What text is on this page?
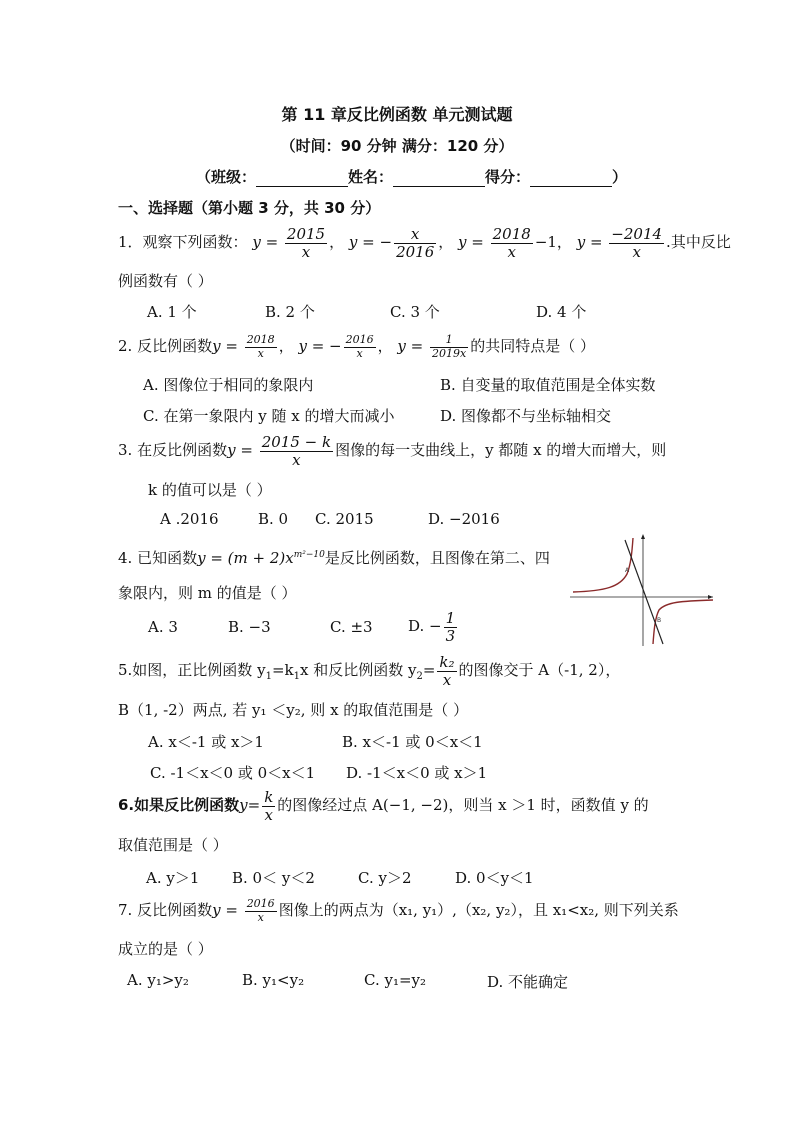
第 11 章反比例函数 单元测试题
（时间：90 分钟 满分：120 分）
（班级：	姓名：	得分：	）
一、选择题（第小题 3 分，共 30 分）
1．观察下列函数： $y = \frac{2015}{x}$ ， y = − $\frac{x}{2016}$ ， $y = \frac{2018}{x} -1$， $y = \frac{-2014}{x}$ .其中反比
例函数有（ ）
A. 1 个	B. 2 个	C. 3 个	D. 4 个
2. 反比例函数$y = \frac{2018}{x}$ ， y = − $\frac{2016}{x}$ ， $y = \frac{1}{2019x}$ 的共同特点是（ ）
A. 图像位于相同的象限内	B. 自变量的取值范围是全体实数
C. 在第一象限内 y 随 x 的增大而减小	D. 图像都不与坐标轴相交
3. 在反比例函数$y = \frac{2015 - k}{x}$ 图像的每一支曲线上，y 都随 x 的增大而增大，则
k 的值可以是（ ）
A .2016	B. 0 C. 2015	D. −2016
4. 已知函数$y = (m + 2)x^{m^2-10}$是反比例函数，且图像在第二、四
象限内，则 m 的值是（ ）
A. 3	B. −3	C. ±3 D. − $\frac{1}{3}$
A
B
5.如图，正比例函数 $y_1=k_1x$ 和反比例函数 $y_2= \frac{\text{k₂}}{x}$ 的图像交于 A（-1, 2），
B（1, -2）两点, 若 y₁ ＜y₂, 则 x 的取值范围是（ ）
A. x＜-1 或 x＞1	B. x＜-1 或 0＜x＜1
C. -1＜x＜0 或 0＜x＜1 D. -1＜x＜0 或 x＞1
6.如果反比例函数$y= \frac{k}{x}$ 的图像经过点 A(−1, −2)，则当 x ＞1 时，函数值 y 的
取值范围是（ ）
A. y＞1 B. 0＜ y＜2	C. y＞2	D. 0＜y＜1
7. 反比例函数$y = \frac{2016}{x}$ 图像上的两点为（x₁, y₁）,（x₂, y₂），且 x₁<x₂, 则下列关系
成立的是（ ）
A. y₁>y₂	B. y₁<y₂	C. y₁=y₂	D. 不能确定
